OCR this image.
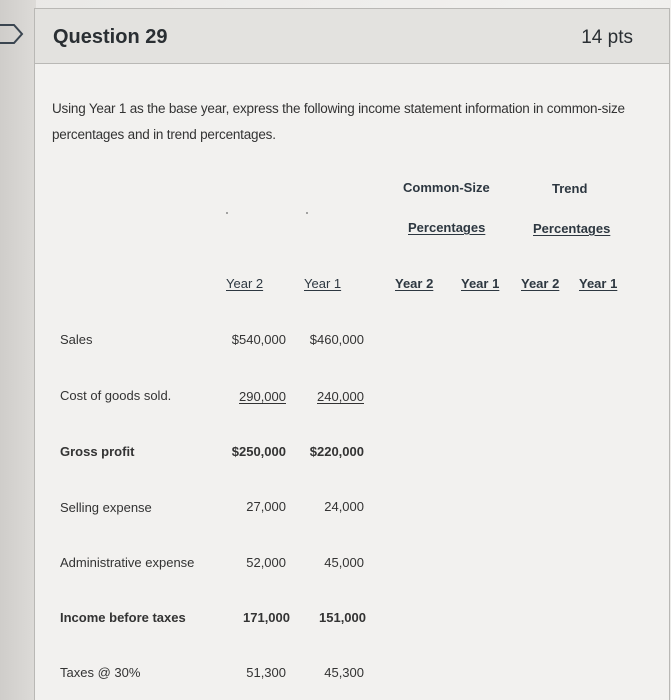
Question 29	14 pts
Using Year 1 as the base year, express the following income statement information in common-size percentages and in trend percentages.
Common-Size	Trend
Percentages	Percentages
Year 2	Year 1	Year 2 Year 1 Year 2 Year 1
Sales	$540,000 $460,000
Cost of goods sold.	290,000 240,000
Gross profit	$250,000 $220,000
Selling expense	27,000	24,000
Administrative expense	52,000	45,000
Income before taxes	171,000 151,000
Taxes @ 30%	51,300	45,300
